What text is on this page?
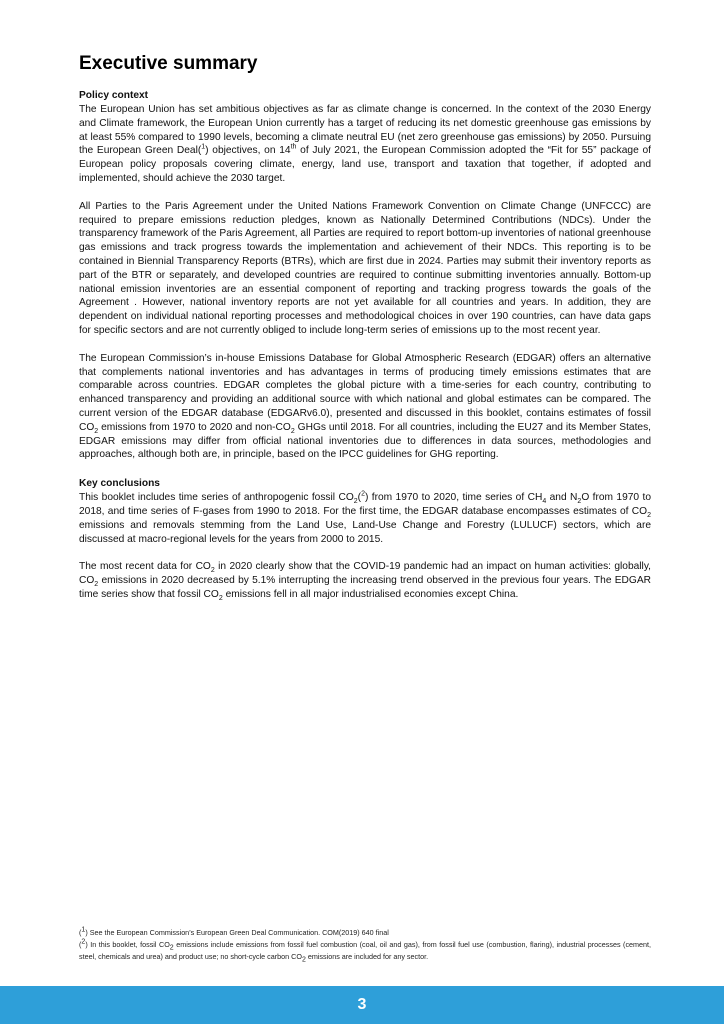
Executive summary
Policy context

The European Union has set ambitious objectives as far as climate change is concerned. In the context of the 2030 Energy and Climate framework, the European Union currently has a target of reducing its net domestic greenhouse gas emissions by at least 55% compared to 1990 levels, becoming a climate neutral EU (net zero greenhouse gas emissions) by 2050. Pursuing the European Green Deal($^1$) objectives, on 14th of July 2021, the European Commission adopted the “Fit for 55” package of European policy proposals covering climate, energy, land use, transport and taxation that together, if adopted and implemented, should achieve the 2030 target.

All Parties to the Paris Agreement under the United Nations Framework Convention on Climate Change (UNFCCC) are required to prepare emissions reduction pledges, known as Nationally Determined Contributions (NDCs). Under the transparency framework of the Paris Agreement, all Parties are required to report bottom-up inventories of national greenhouse gas emissions and track progress towards the implementation and achievement of their NDCs. This reporting is to be contained in Biennial Transparency Reports (BTRs), which are first due in 2024. Parties may submit their inventory reports as part of the BTR or separately, and developed countries are required to continue submitting inventories annually. Bottom-up national emission inventories are an essential component of reporting and tracking progress towards the goals of the Agreement . However, national inventory reports are not yet available for all countries and years. In addition, they are dependent on individual national reporting processes and methodological choices in over 190 countries, can have data gaps for specific sectors and are not currently obliged to include long-term series of emissions up to the most recent year.

The European Commission’s in-house Emissions Database for Global Atmospheric Research (EDGAR) offers an alternative that complements national inventories and has advantages in terms of producing timely emissions estimates that are comparable across countries. EDGAR completes the global picture with a time-series for each country, contributing to enhanced transparency and providing an additional source with which national and global estimates can be compared. The current version of the EDGAR database (EDGARv6.0), presented and discussed in this booklet, contains estimates of fossil $CO_2$ emissions from 1970 to 2020 and non-$CO_2$ GHGs until 2018. For all countries, including the EU27 and its Member States, EDGAR emissions may differ from official national inventories due to differences in data sources, methodologies and approaches, although both are, in principle, based on the IPCC guidelines for GHG reporting.

Key conclusions

This booklet includes time series of anthropogenic fossil $CO_2(^2)$ from 1970 to 2020, time series of $CH_4$ and $N_2O$ from 1970 to 2018, and time series of F-gases from 1990 to 2018. For the first time, the EDGAR database encompasses estimates of $CO_2$ emissions and removals stemming from the Land Use, Land-Use Change and Forestry (LULUCF) sectors, which are discussed at macro-regional levels for the years from 2000 to 2015.

The most recent data for $CO_2$ in 2020 clearly show that the COVID-19 pandemic had an impact on human activities: globally, $CO_2$ emissions in 2020 decreased by 5.1% interrupting the increasing trend observed in the previous four years. The EDGAR time series show that fossil $CO_2$ emissions fell in all major industrialised economies except China.

($^1$) See the European Commission’s European Green Deal Communication. COM(2019) 640 final
($^2$) In this booklet, fossil $CO_2$ emissions include emissions from fossil fuel combustion (coal, oil and gas), from fossil fuel use (combustion, flaring), industrial processes (cement, steel, chemicals and urea) and product use; no short-cycle carbon $CO_2$ emissions are included for any sector.
3
